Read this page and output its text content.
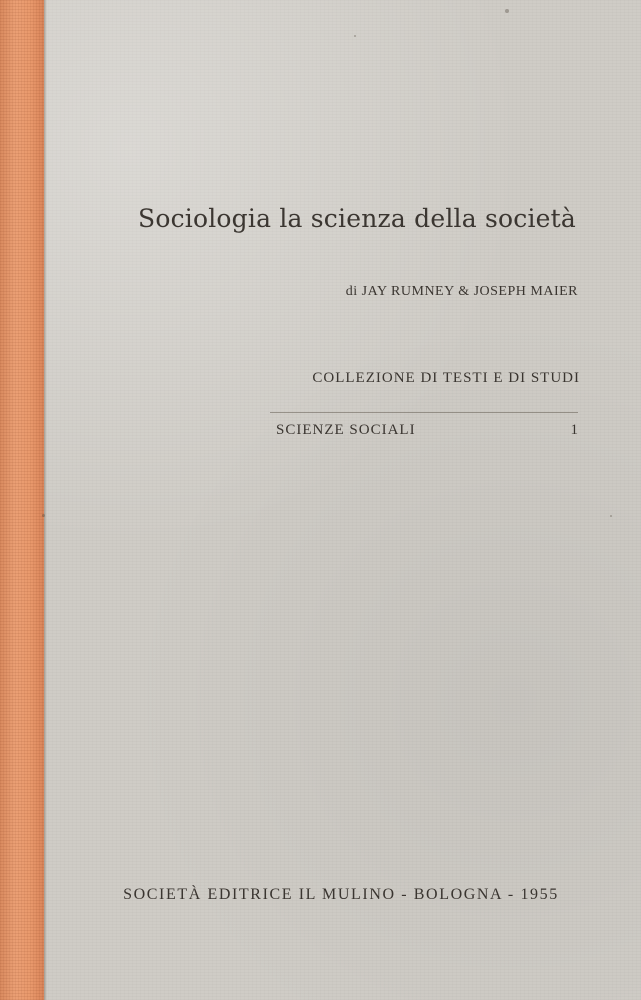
Sociologia la scienza della società
di JAY RUMNEY & JOSEPH MAIER
COLLEZIONE DI TESTI E DI STUDI
SCIENZE SOCIALI	1
SOCIETÀ EDITRICE IL MULINO - BOLOGNA - 1955
